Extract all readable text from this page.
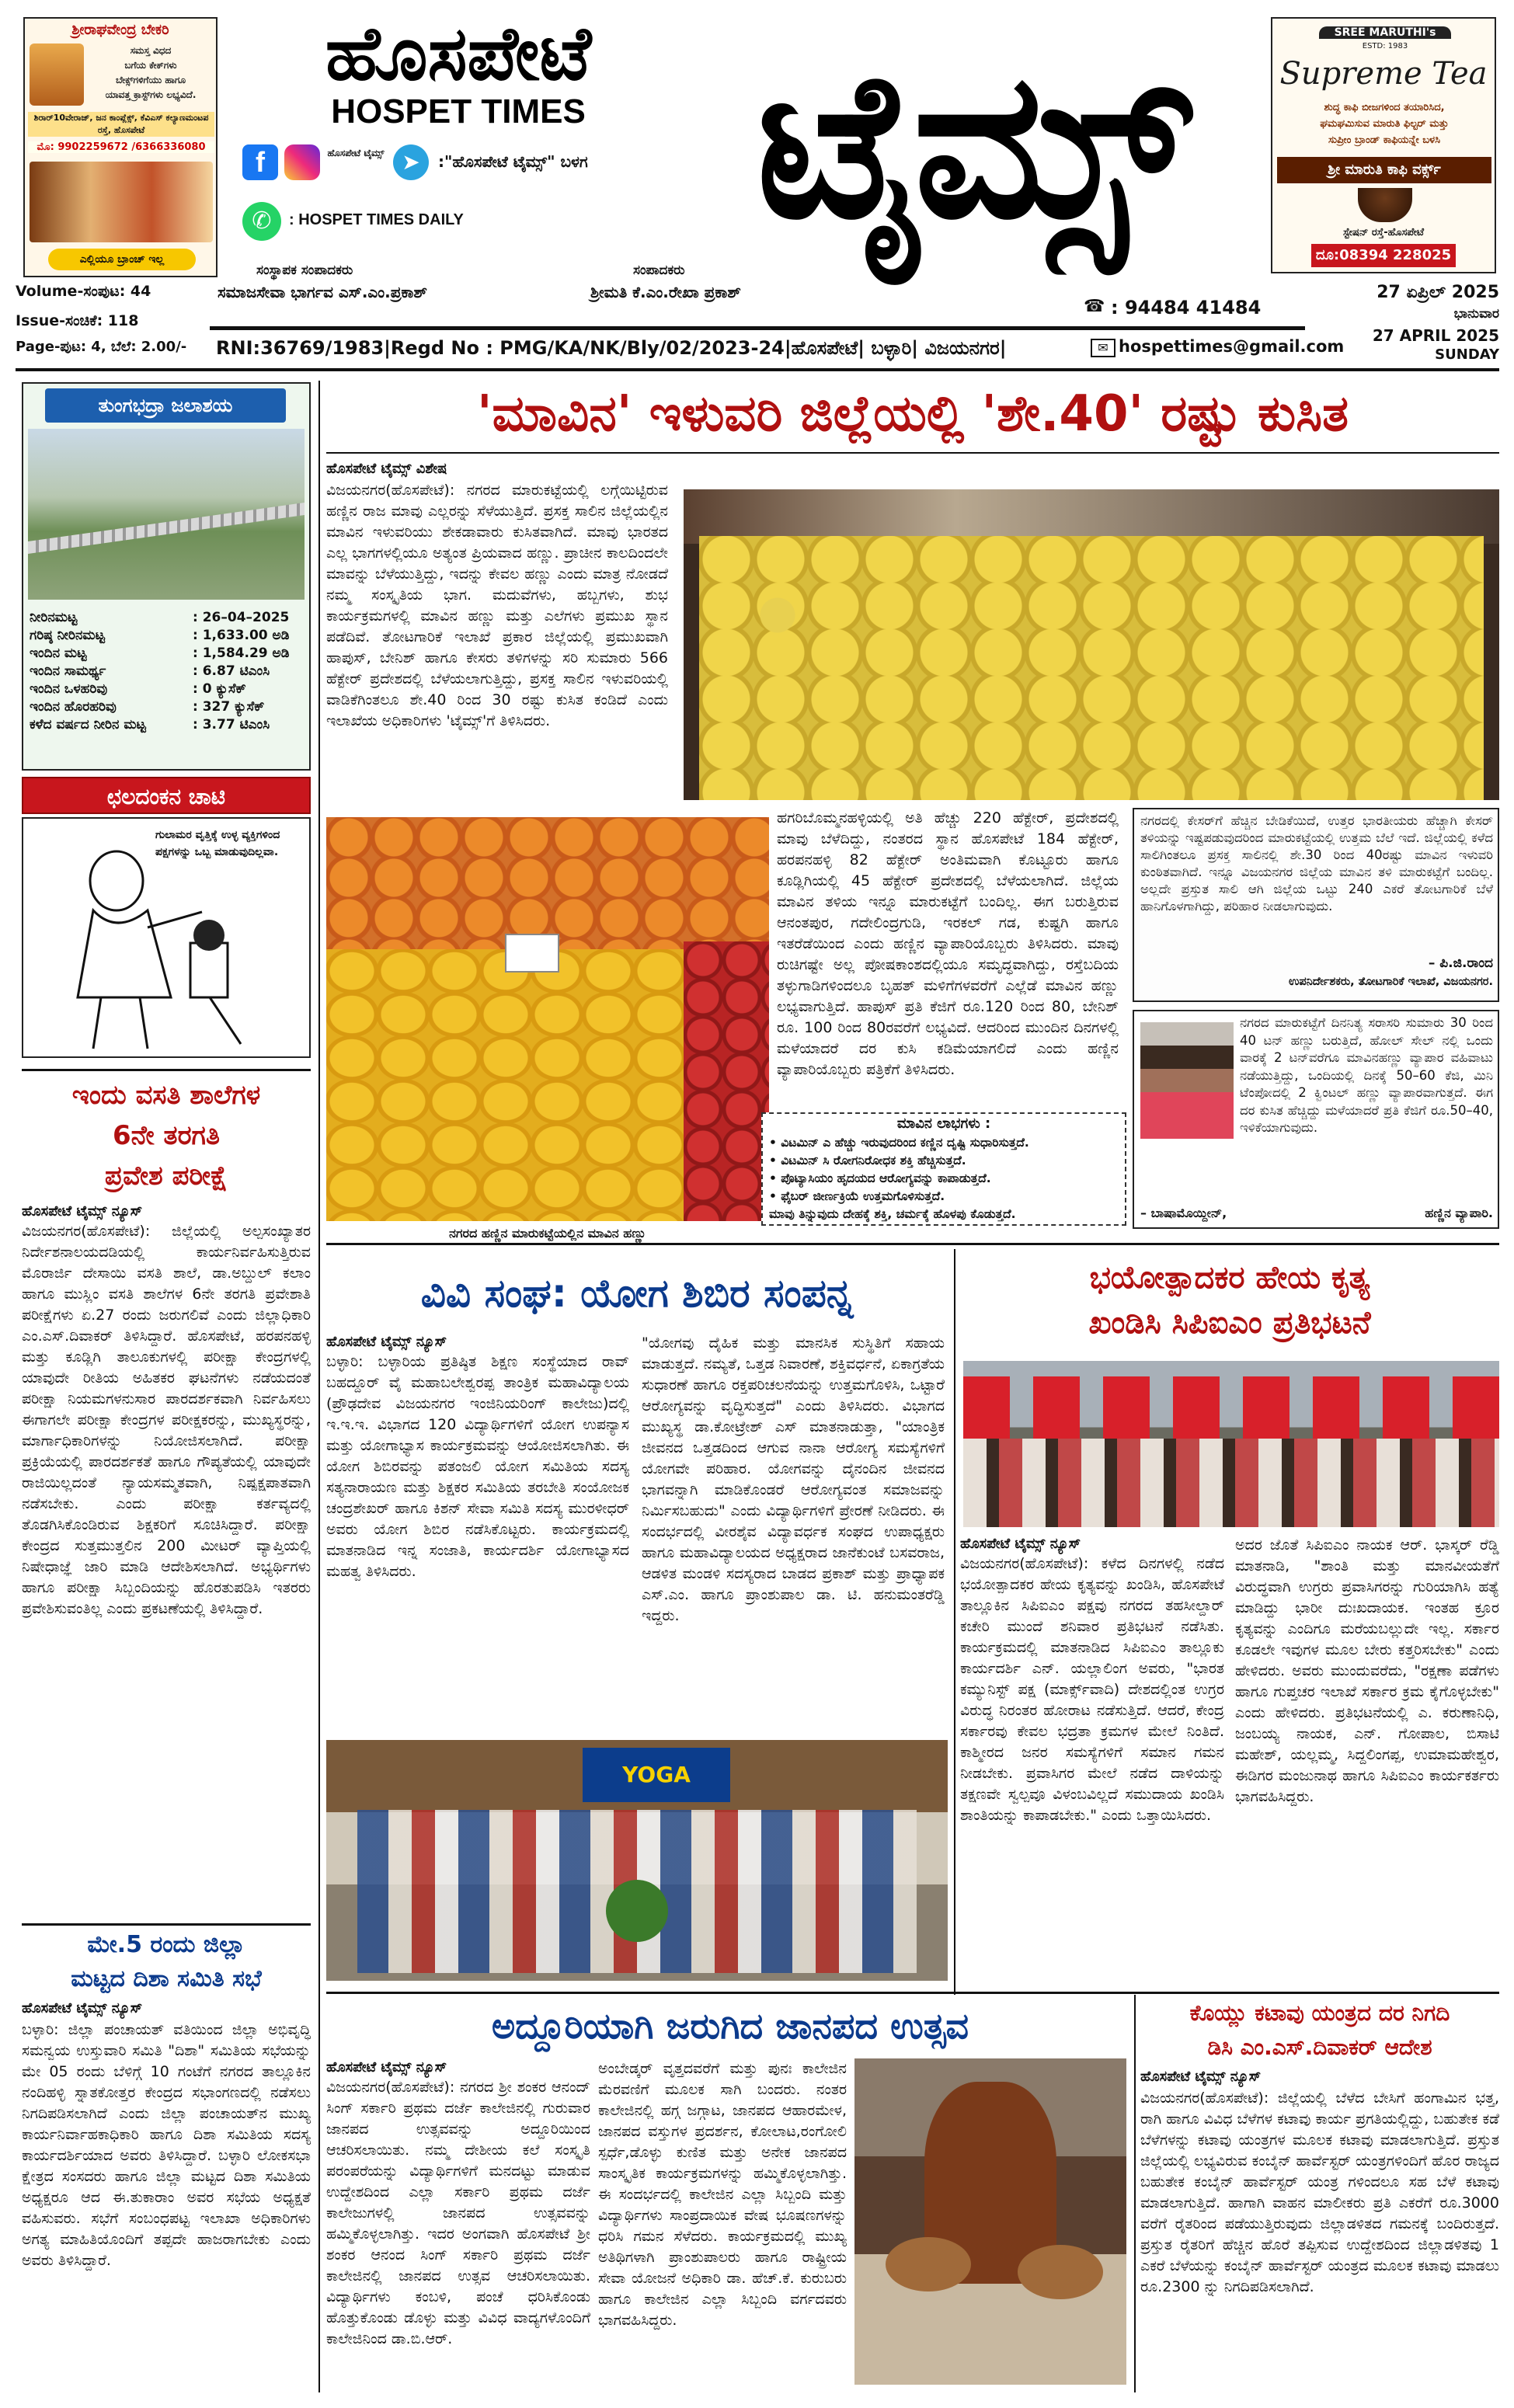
ಶ್ರೀರಾಘವೇಂದ್ರ ಬೇಕರಿ
ಸಮಸ್ತ ವಿಧದ
ಬಗೆಯ ಕೇಕ್‌ಗಳು
ಬೇಕ್ಸ್‌ಗಳಿಗೆ‌ಯು ಹಾಗೂ
ಯಾವತ್ತ ಕ್ರಾಸ್ಟ್‌ಗಳು ಲಭ್ಯವಿದೆ.
ಶಿರಾರ್10ವೇರಾಜ್, ಜನ ಕಾಂಪ್ಲೆಕ್ಸ್, ಕೆವಿಎಸ್ ಕಲ್ಯಾಣಮಂಟಪ ರಸ್ತೆ, ಹೊಸಪೇಟೆ
ಮೊ: 9902259672 /6366336080
ಎಲ್ಲಿಯೂ ಬ್ರಾಂಚ್ ಇಲ್ಲ
ಹೊಸಪೇಟೆ
HOSPET TIMES
f	ಹೊಸಪೇಟೆ ಟೈಮ್ಸ್ ➤	:"ಹೊಸಪೇಟೆ ಟೈಮ್ಸ್" ಬಳಗ
✆	: HOSPET TIMES DAILY	ಟೈಮ್ಸ್	SREE MARUTHI's
ESTD: 1983
Supreme Tea
ಶುದ್ಧ ಕಾಫಿ ಬೀಜಗಳಿಂದ ತಯಾರಿಸಿದ,
ಘಮಘಮಿಸುವ ಮಾರುತಿ ಫಿಲ್ಟರ್ ಮತ್ತು
ಸುಪ್ರೀಂ ಬ್ರಾಂಡ್ ಕಾಫಿಯನ್ನೇ ಬಳಸಿ
ಶ್ರೀ ಮಾರುತಿ ಕಾಫಿ ವರ್ಕ್ಸ್
ಸ್ಟೇಷನ್ ರಸ್ತೆ-ಹೊಸಪೇಟೆ
ದೂ:08394 228025
ಸಂಸ್ಥಾಪಕ ಸಂಪಾದಕರು	ಸಂಪಾದಕರು
Volume-ಸಂಪುಟ: 44	ಸಮಾಜಸೇವಾ ಭಾರ್ಗವ ಎಸ್.ಎಂ.ಪ್ರಕಾಶ್	ಶ್ರೀಮತಿ ಕೆ.ಎಂ.ರೇಖಾ ಪ್ರಕಾಶ್
☎ : 94484 41484
27 ಏಪ್ರಿಲ್ 2025
ಭಾನುವಾರ
Issue-ಸಂಚಿಕೆ: 118
Page-ಪುಟ: 4, ಬೆಲೆ: 2.00/-	RNI:36769/1983|Regd No : PMG/KA/NK/Bly/02/2023-24|ಹೊಸಪೇಟೆ| ಬಳ್ಳಾರಿ| ವಿಜಯನಗರ|	✉ hospettimes@gmail.com
27 APRIL 2025
SUNDAY
ತುಂಗಭದ್ರಾ ಜಲಾಶಯ
ನೀರಿನಮಟ್ಟ	: 26–04–2025
ಗರಿಷ್ಠ ನೀರಿನಮಟ್ಟ	: 1,633.00 ಅಡಿ
ಇಂದಿನ ಮಟ್ಟ	: 1,584.29 ಅಡಿ
ಇಂದಿನ ಸಾಮರ್ಥ್ಯ	: 6.87 ಟಿಎಂಸಿ
ಇಂದಿನ ಒಳಹರಿವು	: 0 ಕ್ಯುಸೆಕ್
ಇಂದಿನ ಹೊರಹರಿವು	: 327 ಕ್ಯುಸೆಕ್
ಕಳೆದ ವರ್ಷದ ನೀರಿನ ಮಟ್ಟ	: 3.77 ಟಿಎಂಸಿ
ಛಲದಂಕನ ಚಾಟಿ
ಗುಲಾಮರ ವೃತ್ತಿಕ್ಕೆ ಉಳ್ಳ ವ್ಯಕ್ತಿಗಳಿಂದ ಪಕ್ಷಗಳನ್ನು ಒಬ್ಬ ಮಾಡುವುದಿಲ್ಲವಾ.
ಇಂದು ವಸತಿ ಶಾಲೆಗಳ
6ನೇ ತರಗತಿ
ಪ್ರವೇಶ ಪರೀಕ್ಷೆ
ಹೊಸಪೇಟೆ ಟೈಮ್ಸ್ ನ್ಯೂಸ್
ವಿಜಯನಗರ(ಹೊಸಪೇಟೆ): ಜಿಲ್ಲೆಯಲ್ಲಿ ಅಲ್ಪಸಂಖ್ಯಾತರ ನಿರ್ದೇಶನಾಲಯದಡಿಯಲ್ಲಿ ಕಾರ್ಯನಿರ್ವಹಿಸುತ್ತಿರುವ ಮೊರಾರ್ಜಿ ದೇಸಾಯಿ ವಸತಿ ಶಾಲೆ, ಡಾ.ಅಬ್ದುಲ್ ಕಲಾಂ ಹಾಗೂ ಮುಸ್ಲಿಂ ವಸತಿ ಶಾಲೆಗಳ 6ನೇ ತರಗತಿ ಪ್ರವೇಶಾತಿ ಪರೀಕ್ಷೆಗಳು ಏ.27 ರಂದು ಜರುಗಲಿವೆ ಎಂದು ಜಿಲ್ಲಾಧಿಕಾರಿ ಎಂ.ಎಸ್.ದಿವಾಕರ್ ತಿಳಿಸಿದ್ದಾರೆ. ಹೊಸಪೇಟೆ, ಹರಪನಹಳ್ಳಿ ಮತ್ತು ಕೂಡ್ಲಿಗಿ ತಾಲೂಕುಗಳಲ್ಲಿ ಪರೀಕ್ಷಾ ಕೇಂದ್ರಗಳಲ್ಲಿ ಯಾವುದೇ ರೀತಿಯ ಅಹಿತಕರ ಘಟನೆಗಳು ನಡೆಯದಂತೆ ಪರೀಕ್ಷಾ ನಿಯಮಗಳನುಸಾರ ಪಾರದರ್ಶಕವಾಗಿ ನಿರ್ವಹಿಸಲು ಈಗಾಗಲೇ ಪರೀಕ್ಷಾ ಕೇಂದ್ರಗಳ ಪರೀಕ್ಷಕರನ್ನು, ಮುಖ್ಯಸ್ಥರನ್ನು, ಮಾರ್ಗಾಧಿಕಾರಿಗಳನ್ನು ನಿಯೋಜಿಸಲಾಗಿದೆ. ಪರೀಕ್ಷಾ ಪ್ರಕ್ರಿಯೆಯಲ್ಲಿ ಪಾರದರ್ಶಕತೆ ಹಾಗೂ ಗೌಪ್ಯತೆಯಲ್ಲಿ ಯಾವುದೇ ರಾಜಿಯಿಲ್ಲದಂತೆ ನ್ಯಾಯಸಮ್ಮತವಾಗಿ, ನಿಷ್ಪಕ್ಷಪಾತವಾಗಿ ನಡೆಸಬೇಕು. ಎಂದು ಪರೀಕ್ಷಾ ಕರ್ತವ್ಯದಲ್ಲಿ ತೊಡಗಿಸಿಕೊಂಡಿರುವ ಶಿಕ್ಷಕರಿಗೆ ಸೂಚಿಸಿದ್ದಾರೆ. ಪರೀಕ್ಷಾ ಕೇಂದ್ರದ ಸುತ್ತಮುತ್ತಲಿನ 200 ಮೀಟರ್ ವ್ಯಾಪ್ತಿಯಲ್ಲಿ ನಿಷೇಧಾಜ್ಞೆ ಜಾರಿ ಮಾಡಿ ಆದೇಶಿಸಲಾಗಿದೆ. ಅಭ್ಯರ್ಥಿಗಳು ಹಾಗೂ ಪರೀಕ್ಷಾ ಸಿಬ್ಬಂದಿಯನ್ನು ಹೊರತುಪಡಿಸಿ ಇತರರು ಪ್ರವೇಶಿಸುವಂತಿಲ್ಲ ಎಂದು ಪ್ರಕಟಣೆಯಲ್ಲಿ ತಿಳಿಸಿದ್ದಾರೆ.
ಮೇ.5 ರಂದು ಜಿಲ್ಲಾ
ಮಟ್ಟದ ದಿಶಾ ಸಮಿತಿ ಸಭೆ
ಹೊಸಪೇಟೆ ಟೈಮ್ಸ್ ನ್ಯೂಸ್
ಬಳ್ಳಾರಿ: ಜಿಲ್ಲಾ ಪಂಚಾಯತ್ ವತಿಯಿಂದ ಜಿಲ್ಲಾ ಅಭಿವೃದ್ಧಿ ಸಮನ್ವಯ ಉಸ್ತುವಾರಿ ಸಮಿತಿ "ದಿಶಾ" ಸಮಿತಿಯ ಸಭೆಯನ್ನು ಮೇ 05 ರಂದು ಬೆಳಿಗ್ಗೆ 10 ಗಂಟೆಗೆ ನಗರದ ತಾಲ್ಲೂಕಿನ ನಂದಿಹಳ್ಳಿ ಸ್ನಾತಕೋತ್ತರ ಕೇಂದ್ರದ ಸಭಾಂಗಣದಲ್ಲಿ ನಡೆಸಲು ನಿಗದಿಪಡಿಸಲಾಗಿದೆ ಎಂದು ಜಿಲ್ಲಾ ಪಂಚಾಯತ್‌ನ ಮುಖ್ಯ ಕಾರ್ಯನಿರ್ವಾಹಕಾಧಿಕಾರಿ ಹಾಗೂ ದಿಶಾ ಸಮಿತಿಯ ಸದಸ್ಯ ಕಾರ್ಯದರ್ಶಿಯಾದ ಅವರು ತಿಳಿಸಿದ್ದಾರೆ. ಬಳ್ಳಾರಿ ಲೋಕಸಭಾ ಕ್ಷೇತ್ರದ ಸಂಸದರು ಹಾಗೂ ಜಿಲ್ಲಾ ಮಟ್ಟದ ದಿಶಾ ಸಮಿತಿಯ ಅಧ್ಯಕ್ಷರೂ ಆದ ಈ.ತುಕಾರಾಂ ಅವರ ಸಭೆಯ ಅಧ್ಯಕ್ಷತೆ ವಹಿಸುವರು. ಸಭೆಗೆ ಸಂಬಂಧಪಟ್ಟ ಇಲಾಖಾ ಅಧಿಕಾರಿಗಳು ಅಗತ್ಯ ಮಾಹಿತಿಯೊಂದಿಗೆ ತಪ್ಪದೇ ಹಾಜರಾಗಬೇಕು ಎಂದು ಅವರು ತಿಳಿಸಿದ್ದಾರೆ.
'ಮಾವಿನ' ಇಳುವರಿ ಜಿಲ್ಲೆಯಲ್ಲಿ 'ಶೇ.40' ರಷ್ಟು ಕುಸಿತ
ಹೊಸಪೇಟೆ ಟೈಮ್ಸ್ ವಿಶೇಷ
ವಿಜಯನಗರ(ಹೊಸಪೇಟೆ): ನಗರದ ಮಾರುಕಟ್ಟೆಯಲ್ಲಿ ಲಗ್ಗೆಯಿಟ್ಟಿರುವ ಹಣ್ಣಿನ ರಾಜ ಮಾವು ಎಲ್ಲರನ್ನು ಸೆಳೆಯುತ್ತಿದೆ. ಪ್ರಸಕ್ತ ಸಾಲಿನ ಜಿಲ್ಲೆಯಲ್ಲಿನ ಮಾವಿನ ಇಳುವರಿಯು ಶೇಕಡಾವಾರು ಕುಸಿತವಾಗಿದೆ. ಮಾವು ಭಾರತದ ಎಲ್ಲ ಭಾಗಗಳಲ್ಲಿಯೂ ಅತ್ಯಂತ ಪ್ರಿಯವಾದ ಹಣ್ಣು. ಪ್ರಾಚೀನ ಕಾಲದಿಂದಲೇ ಮಾವನ್ನು ಬೆಳೆಯುತ್ತಿದ್ದು, ಇದನ್ನು ಕೇವಲ ಹಣ್ಣು ಎಂದು ಮಾತ್ರ ನೋಡದೆ ನಮ್ಮ ಸಂಸ್ಕೃತಿಯ ಭಾಗ. ಮದುವೆಗಳು, ಹಬ್ಬಗಳು, ಶುಭ ಕಾರ್ಯಕ್ರಮಗಳಲ್ಲಿ ಮಾವಿನ ಹಣ್ಣು ಮತ್ತು ಎಲೆಗಳು ಪ್ರಮುಖ ಸ್ಥಾನ ಪಡೆದಿವೆ. ತೋಟಗಾರಿಕೆ ಇಲಾಖೆ ಪ್ರಕಾರ ಜಿಲ್ಲೆಯಲ್ಲಿ ಪ್ರಮುಖವಾಗಿ ಹಾಪುಸ್, ಬೇನಿಶ್ ಹಾಗೂ ಕೇಸರು ತಳಿಗಳನ್ನು ಸರಿ ಸುಮಾರು 566 ಹೆಕ್ಟೇರ್ ಪ್ರದೇಶದಲ್ಲಿ ಬೆಳೆಯಲಾಗುತ್ತಿದ್ದು, ಪ್ರಸಕ್ತ ಸಾಲಿನ ಇಳುವರಿಯಲ್ಲಿ ವಾಡಿಕೆಗಿಂತಲೂ ಶೇ.40 ರಿಂದ 30 ರಷ್ಟು ಕುಸಿತ ಕಂಡಿದೆ ಎಂದು ಇಲಾಖೆಯ ಅಧಿಕಾರಿಗಳು 'ಟೈಮ್ಸ್'ಗೆ ತಿಳಿಸಿದರು.
ನಗರದ ಹಣ್ಣಿನ ಮಾರುಕಟ್ಟೆಯಲ್ಲಿನ ಮಾವಿನ ಹಣ್ಣು
ಹಗರಿಬೊಮ್ಮನಹಳ್ಳಿಯಲ್ಲಿ ಅತಿ ಹೆಚ್ಚು 220 ಹೆಕ್ಟೇರ್, ಪ್ರದೇಶದಲ್ಲಿ ಮಾವು ಬೆಳೆದಿದ್ದು, ನಂತರದ ಸ್ಥಾನ ಹೊಸಪೇಟೆ 184 ಹೆಕ್ಟೇರ್, ಹರಪನಹಳ್ಳಿ 82 ಹೆಕ್ಟೇರ್ ಅಂತಿಮವಾಗಿ ಕೊಟ್ಟೂರು ಹಾಗೂ ಕೂಡ್ಲಿಗಿಯಲ್ಲಿ 45 ಹೆಕ್ಟೇರ್ ಪ್ರದೇಶದಲ್ಲಿ ಬೆಳೆಯಲಾಗಿದೆ. ಜಿಲ್ಲೆಯ ಮಾವಿನ ತಳಿಯ ಇನ್ನೂ ಮಾರುಕಟ್ಟೆಗೆ ಬಂದಿಲ್ಲ. ಈಗ ಬರುತ್ತಿರುವ ಆನಂತಪುರ, ಗದೇಲಿಂದ್ರಗುಡಿ, ಇರಕಲ್ ಗಡ, ಕುಷ್ಟಗಿ ಹಾಗೂ ಇತರೆಡೆಯಿಂದ ಎಂದು ಹಣ್ಣಿನ ವ್ಯಾಪಾರಿಯೊಬ್ಬರು ತಿಳಿಸಿದರು. ಮಾವು ರುಚಿಗಷ್ಟೇ ಅಲ್ಲ ಪೋಷಕಾಂಶದಲ್ಲಿಯೂ ಸಮೃದ್ಧವಾಗಿದ್ದು, ರಸ್ತೆಬದಿಯ ತಳ್ಳುಗಾಡಿಗಳಿಂದಲೂ ಬೃಹತ್ ಮಳಿಗೆಗಳವರೆಗೆ ಎಲ್ಲೆಡೆ ಮಾವಿನ ಹಣ್ಣು ಲಭ್ಯವಾಗುತ್ತಿದೆ. ಹಾಪುಸ್ ಪ್ರತಿ ಕೆಜಿಗೆ ರೂ.120 ರಿಂದ 80, ಬೇನಿಶ್ ರೂ. 100 ರಿಂದ 80ರವರೆಗೆ ಲಭ್ಯವಿದೆ. ಆದರಿಂದ ಮುಂದಿನ ದಿನಗಳಲ್ಲಿ ಮಳೆಯಾದರೆ ದರ ಕುಸಿ ಕಡಿಮೆಯಾಗಲಿದೆ ಎಂದು ಹಣ್ಣಿನ ವ್ಯಾಪಾರಿಯೊಬ್ಬರು ಪತ್ರಿಕೆಗೆ ತಿಳಿಸಿದರು.
ಮಾವಿನ ಲಾಭಗಳು :
• ವಿಟಮಿನ್ ಎ ಹೆಚ್ಚು ಇರುವುದರಿಂದ ಕಣ್ಣಿನ ದೃಷ್ಟಿ ಸುಧಾರಿಸುತ್ತದೆ.
• ವಿಟಮಿನ್ ಸಿ ರೋಗನಿರೋಧಕ ಶಕ್ತಿ ಹೆಚ್ಚಿಸುತ್ತದೆ.
• ಪೊಟ್ಯಾಸಿಯಂ ಹೃದಯದ ಆರೋಗ್ಯವನ್ನು ಕಾಪಾಡುತ್ತದೆ.
• ಫೈಬರ್ ಜೀರ್ಣಕ್ರಿಯೆ ಉತ್ತಮಗೊಳಿಸುತ್ತದೆ.
ಮಾವು ತಿನ್ನುವುದು ದೇಹಕ್ಕೆ ಶಕ್ತಿ, ಚರ್ಮಕ್ಕೆ ಹೊಳಪು ಕೊಡುತ್ತದೆ.
ನಗರದಲ್ಲಿ ಕೇಸರ್‌ಗೆ ಹೆಚ್ಚಿನ ಬೇಡಿಕೆಯಿದೆ, ಉತ್ತರ ಭಾರತೀಯರು ಹೆಚ್ಚಾಗಿ ಕೇಸರ್ ತಳಿಯನ್ನು ಇಷ್ಟಪಡುವುದರಿಂದ ಮಾರುಕಟ್ಟೆಯಲ್ಲಿ ಉತ್ತಮ ಬೆಲೆ ಇದೆ. ಜಿಲ್ಲೆಯಲ್ಲಿ ಕಳೆದ ಸಾಲಿಗಿಂತಲೂ ಪ್ರಸಕ್ತ ಸಾಲಿನಲ್ಲಿ ಶೇ.30 ರಿಂದ 40ರಷ್ಟು ಮಾವಿನ ಇಳುವರಿ ಕುಂಠಿತವಾಗಿದೆ. ಇನ್ನೂ ವಿಜಯನಗರ ಜಿಲ್ಲೆಯ ಮಾವಿನ ತಳಿ ಮಾರುಕಟ್ಟೆಗೆ ಬಂದಿಲ್ಲ. ಅಲ್ಲದೇ ಪ್ರಸ್ತುತ ಸಾಲಿ ಆಗಿ ಜಿಲ್ಲೆಯ ಒಟ್ಟು 240 ಎಕರೆ ತೋಟಗಾರಿಕೆ ಬೆಳೆ ಹಾನಿಗೊಳಗಾಗಿದ್ದು, ಪರಿಹಾರ ನೀಡಲಾಗುವುದು.
– ಪಿ.ಜಿ.ರಾಂದ
ಉಪನಿರ್ದೇಶಕರು, ತೋಟಗಾರಿಕೆ ಇಲಾಖೆ, ವಿಜಯನಗರ.
ನಗರದ ಮಾರುಕಟ್ಟೆಗೆ ದಿನನಿತ್ಯ ಸರಾಸರಿ ಸುಮಾರು 30 ರಿಂದ 40 ಟನ್ ಹಣ್ಣು ಬರುತ್ತಿದೆ, ಹೋಲ್ ಸೇಲ್ ನಲ್ಲಿ ಒಂದು ವಾರಕ್ಕೆ 2 ಟನ್‌ವರೆಗೂ ಮಾವಿನಹಣ್ಣು ವ್ಯಾಪಾರ ವಹಿವಾಟು ನಡೆಯುತ್ತಿದ್ದು, ಒಂದಿಯಲ್ಲಿ ದಿನಕ್ಕೆ 50–60 ಕೆಜಿ, ಮಿನಿ ಟೆಂಪೋದಲ್ಲಿ 2 ಕ್ವಿಂಟಲ್ ಹಣ್ಣು ವ್ಯಾಪಾರವಾಗುತ್ತದೆ. ಈಗ ದರ ಕುಸಿತ ಹೆಚ್ಚಿದ್ದು ಮಳೆಯಾದರೆ ಪ್ರತಿ ಕೆಜಿಗೆ ರೂ.50–40, ಇಳಿಕೆಯಾಗುವುದು.
– ಬಾಷಾಮೊಯ್ದೀನ್,	ಹಣ್ಣಿನ ವ್ಯಾಪಾರಿ.
ವಿವಿ ಸಂಘ: ಯೋಗ ಶಿಬಿರ ಸಂಪನ್ನ
ಹೊಸಪೇಟೆ ಟೈಮ್ಸ್ ನ್ಯೂಸ್
ಬಳ್ಳಾರಿ: ಬಳ್ಳಾರಿಯ ಪ್ರತಿಷ್ಠಿತ ಶಿಕ್ಷಣ ಸಂಸ್ಥೆಯಾದ ರಾವ್ ಬಹದ್ದೂರ್ ವೈ ಮಹಾಬಲೇಶ್ವರಪ್ಪ ತಾಂತ್ರಿಕ ಮಹಾವಿದ್ಯಾಲಯ (ಪ್ರೌಢದೇವ ವಿಜಯನಗರ ಇಂಜಿನಿಯರಿಂಗ್ ಕಾಲೇಜು)ದಲ್ಲಿ ಇ.ಇ.ಇ. ವಿಭಾಗದ 120 ವಿದ್ಯಾರ್ಥಿಗಳಿಗೆ ಯೋಗ ಉಪನ್ಯಾಸ ಮತ್ತು ಯೋಗಾಭ್ಯಾಸ ಕಾರ್ಯಕ್ರಮವನ್ನು ಆಯೋಜಿಸಲಾಗಿತು. ಈ ಯೋಗ ಶಿಬಿರವನ್ನು ಪತಂಜಲಿ ಯೋಗ ಸಮಿತಿಯ ಸದಸ್ಯ ಸತ್ಯನಾರಾಯಣ ಮತ್ತು ಶಿಕ್ಷಕರ ಸಮಿತಿಯ ತರಬೇತಿ ಸಂಯೋಜಕ ಚಂದ್ರಶೇಖರ್ ಹಾಗೂ ಕಿಶನ್ ಸೇವಾ ಸಮಿತಿ ಸದಸ್ಯ ಮುರಳೀಧರ್ ಅವರು ಯೋಗ ಶಿಬಿರ ನಡೆಸಿಕೊಟ್ಟರು. ಕಾರ್ಯಕ್ರಮದಲ್ಲಿ ಮಾತನಾಡಿದ ಇನ್ನ ಸಂಜಾತಿ, ಕಾರ್ಯದರ್ಶಿ ಯೋಗಾಭ್ಯಾಸದ ಮಹತ್ವ ತಿಳಿಸಿದರು.
"ಯೋಗವು ದೈಹಿಕ ಮತ್ತು ಮಾನಸಿಕ ಸುಸ್ಥಿತಿಗೆ ಸಹಾಯ ಮಾಡುತ್ತದೆ. ನಮ್ಯತೆ, ಒತ್ತಡ ನಿವಾರಣೆ, ಶಕ್ತಿವರ್ಧನೆ, ಏಕಾಗ್ರತೆಯ ಸುಧಾರಣೆ ಹಾಗೂ ರಕ್ತಪರಿಚಲನೆಯನ್ನು ಉತ್ತಮಗೊಳಿಸಿ, ಒಟ್ಟಾರೆ ಆರೋಗ್ಯವನ್ನು ವೃದ್ಧಿಸುತ್ತದೆ" ಎಂದು ತಿಳಿಸಿದರು. ವಿಭಾಗದ ಮುಖ್ಯಸ್ಥ ಡಾ.ಕೋಟ್ರೇಶ್ ಎಸ್ ಮಾತನಾಡುತ್ತಾ, "ಯಾಂತ್ರಿಕ ಜೀವನದ ಒತ್ತಡದಿಂದ ಆಗುವ ನಾನಾ ಆರೋಗ್ಯ ಸಮಸ್ಯೆಗಳಿಗೆ ಯೋಗವೇ ಪರಿಹಾರ. ಯೋಗವನ್ನು ದೈನಂದಿನ ಜೀವನದ ಭಾಗವನ್ನಾಗಿ ಮಾಡಿಕೊಂಡರೆ ಆರೋಗ್ಯವಂತ ಸಮಾಜವನ್ನು ನಿರ್ಮಿಸಬಹುದು" ಎಂದು ವಿದ್ಯಾರ್ಥಿಗಳಿಗೆ ಪ್ರೇರಣೆ ನೀಡಿದರು. ಈ ಸಂದರ್ಭದಲ್ಲಿ ವೀರಶೈವ ವಿದ್ಯಾವರ್ಧಕ ಸಂಘದ ಉಪಾಧ್ಯಕ್ಷರು ಹಾಗೂ ಮಹಾವಿದ್ಯಾಲಯದ ಅಧ್ಯಕ್ಷರಾದ ಜಾನೆಕುಂಟೆ ಬಸವರಾಜ, ಆಡಳಿತ ಮಂಡಳಿ ಸದಸ್ಯರಾದ ಬಾಡದ ಪ್ರಕಾಶ್ ಮತ್ತು ಪ್ರಾಧ್ಯಾಪಕ ಎಸ್.ಎಂ. ಹಾಗೂ ಪ್ರಾಂಶುಪಾಲ ಡಾ. ಟಿ. ಹನುಮಂತರೆಡ್ಡಿ ಇದ್ದರು.
YOGA
ಭಯೋತ್ಪಾದಕರ ಹೇಯ ಕೃತ್ಯ
ಖಂಡಿಸಿ ಸಿಪಿಐಎಂ ಪ್ರತಿಭಟನೆ
ಹೊಸಪೇಟೆ ಟೈಮ್ಸ್ ನ್ಯೂಸ್
ವಿಜಯನಗರ(ಹೊಸಪೇಟೆ): ಕಳೆದ ದಿನಗಳಲ್ಲಿ ನಡೆದ ಭಯೋತ್ಪಾದಕರ ಹೇಯ ಕೃತ್ಯವನ್ನು ಖಂಡಿಸಿ, ಹೊಸಪೇಟೆ ತಾಲ್ಲೂಕಿನ ಸಿಪಿಐಎಂ ಪಕ್ಷವು ನಗರದ ತಹಸೀಲ್ದಾರ್ ಕಚೇರಿ ಮುಂದೆ ಶನಿವಾರ ಪ್ರತಿಭಟನೆ ನಡೆಸಿತು. ಕಾರ್ಯಕ್ರಮದಲ್ಲಿ ಮಾತನಾಡಿದ ಸಿಪಿಐಎಂ ತಾಲ್ಲೂಕು ಕಾರ್ಯದರ್ಶಿ ಎನ್. ಯಲ್ಲಾಲಿಂಗ ಅವರು, "ಭಾರತ ಕಮ್ಯುನಿಸ್ಟ್ ಪಕ್ಷ (ಮಾರ್ಕ್ಸ್‌ವಾದಿ) ದೇಶದಲ್ಲಿಂತ ಉಗ್ರರ ವಿರುದ್ಧ ನಿರಂತರ ಹೋರಾಟ ನಡೆಸುತ್ತಿದೆ. ಆದರೆ, ಕೇಂದ್ರ ಸರ್ಕಾರವು ಕೇವಲ ಭದ್ರತಾ ಕ್ರಮಗಳ ಮೇಲೆ ನಿಂತಿದೆ. ಕಾಶ್ಮೀರದ ಜನರ ಸಮಸ್ಯೆಗಳಿಗೆ ಸಮಾನ ಗಮನ ನೀಡಬೇಕು. ಪ್ರವಾಸಿಗರ ಮೇಲೆ ನಡೆದ ದಾಳಿಯನ್ನು ತಕ್ಷಣವೇ ಸ್ವಲ್ಪವೂ ವಿಳಂಬವಿಲ್ಲದೆ ಸಮುದಾಯ ಖಂಡಿಸಿ ಶಾಂತಿಯನ್ನು ಕಾಪಾಡಬೇಕು." ಎಂದು ಒತ್ತಾಯಿಸಿದರು.
ಅದರ ಜೊತೆ ಸಿಪಿಐಎಂ ನಾಯಕ ಆರ್. ಭಾಸ್ಕರ್ ರೆಡ್ಡಿ ಮಾತನಾಡಿ, "ಶಾಂತಿ ಮತ್ತು ಮಾನವೀಯತೆಗೆ ವಿರುದ್ಧವಾಗಿ ಉಗ್ರರು ಪ್ರವಾಸಿಗರನ್ನು ಗುರಿಯಾಗಿಸಿ ಹತ್ಯೆ ಮಾಡಿದ್ದು ಭಾರೀ ದುಃಖದಾಯಕ. ಇಂತಹ ಕ್ರೂರ ಕೃತ್ಯವನ್ನು ಎಂದಿಗೂ ಮರೆಯಬಲ್ಲುದೇ ಇಲ್ಲ. ಸರ್ಕಾರ ಕೂಡಲೇ ಇವುಗಳ ಮೂಲ ಬೇರು ಕತ್ತರಿಸಬೇಕು" ಎಂದು ಹೇಳಿದರು. ಅವರು ಮುಂದುವರೆದು, "ರಕ್ಷಣಾ ಪಡೆಗಳು ಹಾಗೂ ಗುಪ್ತಚರ ಇಲಾಖೆ ಸರ್ಕಾರ ಕ್ರಮ ಕೈಗೊಳ್ಳಬೇಕು" ಎಂದು ಹೇಳಿದರು. ಪ್ರತಿಭಟನೆಯಲ್ಲಿ ಎ. ಕರುಣಾನಿಧಿ, ಜಂಬಯ್ಯ ನಾಯಕ, ಎನ್. ಗೋಪಾಲ, ಬಿಸಾಟಿ ಮಹೇಶ್, ಯಲ್ಲಮ್ಮ, ಸಿದ್ದಲಿಂಗಪ್ಪ, ಉಮಾಮಹೇಶ್ವರ, ಈಡಿಗರ ಮಂಜುನಾಥ ಹಾಗೂ ಸಿಪಿಐಎಂ ಕಾರ್ಯಕರ್ತರು ಭಾಗವಹಿಸಿದ್ದರು.
ಅದ್ದೂರಿಯಾಗಿ ಜರುಗಿದ ಜಾನಪದ ಉತ್ಸವ
ಹೊಸಪೇಟೆ ಟೈಮ್ಸ್ ನ್ಯೂಸ್
ವಿಜಯನಗರ(ಹೊಸಪೇಟೆ): ನಗರದ ಶ್ರೀ ಶಂಕರ ಆನಂದ್ ಸಿಂಗ್ ಸರ್ಕಾರಿ ಪ್ರಥಮ ದರ್ಜೆ ಕಾಲೇಜಿನಲ್ಲಿ ಗುರುವಾರ ಜಾನಪದ ಉತ್ಸವವನ್ನು ಅದ್ದೂರಿಯಿಂದ ಆಚರಿಸಲಾಯಿತು. ನಮ್ಮ ದೇಶೀಯ ಕಲೆ ಸಂಸ್ಕೃತಿ ಪರಂಪರೆಯನ್ನು ವಿದ್ಯಾರ್ಥಿಗಳಿಗೆ ಮನದಟ್ಟು ಮಾಡುವ ಉದ್ದೇಶದಿಂದ ಎಲ್ಲಾ ಸರ್ಕಾರಿ ಪ್ರಥಮ ದರ್ಜೆ ಕಾಲೇಜುಗಳಲ್ಲಿ ಜಾನಪದ ಉತ್ಸವವನ್ನು ಹಮ್ಮಿಕೊಳ್ಳಲಾಗಿತ್ತು. ಇದರ ಅಂಗವಾಗಿ ಹೊಸಪೇಟೆ ಶ್ರೀ ಶಂಕರ ಆನಂದ ಸಿಂಗ್ ಸರ್ಕಾರಿ ಪ್ರಥಮ ದರ್ಜೆ ಕಾಲೇಜಿನಲ್ಲಿ ಜಾನಪದ ಉತ್ಸವ ಆಚರಿಸಲಾಯಿತು. ವಿದ್ಯಾರ್ಥಿಗಳು ಕಂಬಳಿ, ಪಂಚೆ ಧರಿಸಿಕೊಂಡು ಹೊತ್ತುಕೊಂಡು ಡೊಳ್ಳು ಮತ್ತು ವಿವಿಧ ವಾದ್ಯಗಳೊಂದಿಗೆ ಕಾಲೇಜಿನಿಂದ ಡಾ.ಬಿ.ಆರ್.
ಅಂಬೇಡ್ಕರ್ ವೃತ್ತದವರೆಗೆ ಮತ್ತು ಪುನಃ ಕಾಲೇಜಿನ ಮೆರವಣಿಗೆ ಮೂಲಕ ಸಾಗಿ ಬಂದರು. ನಂತರ ಕಾಲೇಜಿನಲ್ಲಿ ಹಗ್ಗ ಜಗ್ಗಾಟ, ಜಾನಪದ ಆಹಾರಮೇಳ, ಜಾನಪದ ವಸ್ತುಗಳ ಪ್ರದರ್ಶನ, ಕೋಲಾಟ,ರಂಗೋಲಿ ಸ್ಪರ್ಧೆ,ಡೊಳ್ಳು ಕುಣಿತ ಮತ್ತು ಅನೇಕ ಜಾನಪದ ಸಾಂಸ್ಕೃತಿಕ ಕಾರ್ಯಕ್ರಮಗಳನ್ನು ಹಮ್ಮಿಕೊಳ್ಳಲಾಗಿತ್ತು. ಈ ಸಂದರ್ಭದಲ್ಲಿ ಕಾಲೇಜಿನ ಎಲ್ಲಾ ಸಿಬ್ಬಂದಿ ಮತ್ತು ವಿದ್ಯಾರ್ಥಿಗಳು ಸಾಂಪ್ರದಾಯಿಕ ವೇಷ ಭೂಷಣಗಳನ್ನು ಧರಿಸಿ ಗಮನ ಸೆಳೆದರು. ಕಾರ್ಯಕ್ರಮದಲ್ಲಿ ಮುಖ್ಯ ಅತಿಥಿಗಳಾಗಿ ಪ್ರಾಂಶುಪಾಲರು ಹಾಗೂ ರಾಷ್ಟ್ರೀಯ ಸೇವಾ ಯೋಜನೆ ಅಧಿಕಾರಿ ಡಾ. ಹೆಚ್.ಕೆ. ಕುರುಬರು ಹಾಗೂ ಕಾಲೇಜಿನ ಎಲ್ಲಾ ಸಿಬ್ಬಂದಿ ವರ್ಗದವರು ಭಾಗವಹಿಸಿದ್ದರು.
ಕೊಯ್ಲು ಕಟಾವು ಯಂತ್ರದ ದರ ನಿಗದಿ
ಡಿಸಿ ಎಂ.ಎಸ್.ದಿವಾಕರ್ ಆದೇಶ
ಹೊಸಪೇಟೆ ಟೈಮ್ಸ್ ನ್ಯೂಸ್
ವಿಜಯನಗರ(ಹೊಸಪೇಟೆ): ಜಿಲ್ಲೆಯಲ್ಲಿ ಬೆಳೆದ ಬೇಸಿಗೆ ಹಂಗಾಮಿನ ಭತ್ತ, ರಾಗಿ ಹಾಗೂ ವಿವಿಧ ಬೆಳೆಗಳ ಕಟಾವು ಕಾರ್ಯ ಪ್ರಗತಿಯಲ್ಲಿದ್ದು, ಬಹುತೇಕ ಕಡೆ ಬೆಳೆಗಳನ್ನು ಕಟಾವು ಯಂತ್ರಗಳ ಮೂಲಕ ಕಟಾವು ಮಾಡಲಾಗುತ್ತಿದೆ. ಪ್ರಸ್ತುತ ಜಿಲ್ಲೆಯಲ್ಲಿ ಲಭ್ಯವಿರುವ ಕಂಬೈನ್ ಹಾರ್ವೆಸ್ಟರ್ ಯಂತ್ರಗಳಿಂದಿಗೆ ಹೊರ ರಾಜ್ಯದ ಬಹುತೇಕ ಕಂಬೈನ್ ಹಾರ್ವೆಸ್ಟರ್ ಯಂತ್ರ ಗಳಿಂದಲೂ ಸಹ ಬೆಳೆ ಕಟಾವು ಮಾಡಲಾಗುತ್ತಿದೆ. ಹಾಗಾಗಿ ವಾಹನ ಮಾಲೀಕರು ಪ್ರತಿ ಎಕರೆಗೆ ರೂ.3000 ವರೆಗೆ ರೈತರಿಂದ ಪಡೆಯುತ್ತಿರುವುದು ಜಿಲ್ಲಾಡಳಿತದ ಗಮನಕ್ಕೆ ಬಂದಿರುತ್ತದೆ. ಪ್ರಸ್ತುತ ರೈತರಿಗೆ ಹೆಚ್ಚಿನ ಹೊರೆ ತಪ್ಪಿಸುವ ಉದ್ದೇಶದಿಂದ ಜಿಲ್ಲಾಡಳಿತವು 1 ಎಕರೆ ಬೆಳೆಯನ್ನು ಕಂಬೈನ್ ಹಾರ್ವೆಸ್ಟರ್ ಯಂತ್ರದ ಮೂಲಕ ಕಟಾವು ಮಾಡಲು ರೂ.2300 ನ್ನು ನಿಗದಿಪಡಿಸಲಾಗಿದೆ.
